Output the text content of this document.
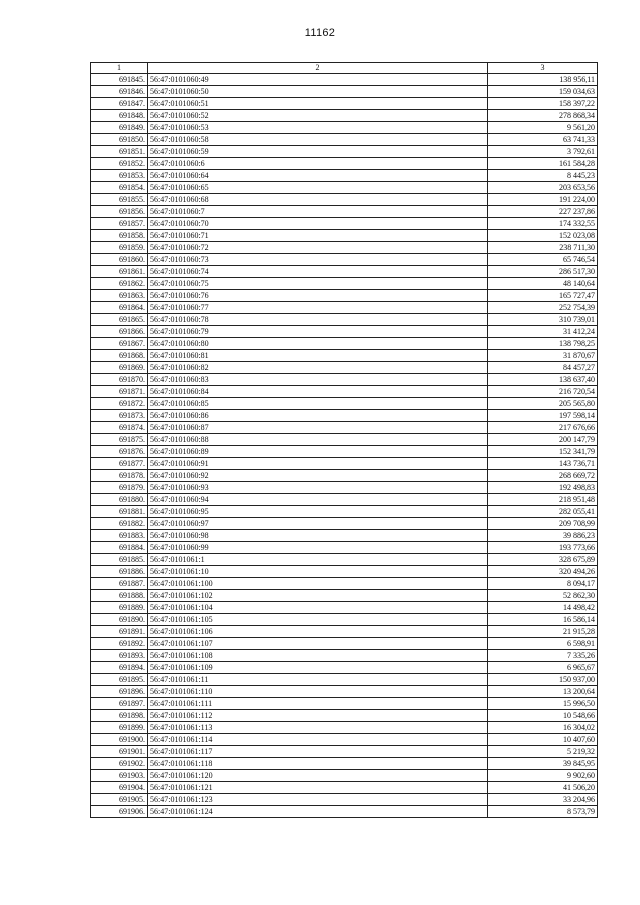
11162
1	2	3
691845.	56:47:0101060:49	138 956,11
691846.	56:47:0101060:50	159 034,63
691847.	56:47:0101060:51	158 397,22
691848.	56:47:0101060:52	278 868,34
691849.	56:47:0101060:53	9 561,20
691850.	56:47:0101060:58	63 741,33
691851.	56:47:0101060:59	3 792,61
691852.	56:47:0101060:6	161 584,28
691853.	56:47:0101060:64	8 445,23
691854.	56:47:0101060:65	203 653,56
691855.	56:47:0101060:68	191 224,00
691856.	56:47:0101060:7	227 237,86
691857.	56:47:0101060:70	174 332,55
691858.	56:47:0101060:71	152 023,08
691859.	56:47:0101060:72	238 711,30
691860.	56:47:0101060:73	65 746,54
691861.	56:47:0101060:74	286 517,30
691862.	56:47:0101060:75	48 140,64
691863.	56:47:0101060:76	165 727,47
691864.	56:47:0101060:77	252 754,39
691865.	56:47:0101060:78	310 739,01
691866.	56:47:0101060:79	31 412,24
691867.	56:47:0101060:80	138 798,25
691868.	56:47:0101060:81	31 870,67
691869.	56:47:0101060:82	84 457,27
691870.	56:47:0101060:83	138 637,40
691871.	56:47:0101060:84	216 720,54
691872.	56:47:0101060:85	205 565,80
691873.	56:47:0101060:86	197 598,14
691874.	56:47:0101060:87	217 676,66
691875.	56:47:0101060:88	200 147,79
691876.	56:47:0101060:89	152 341,79
691877.	56:47:0101060:91	143 736,71
691878.	56:47:0101060:92	268 669,72
691879.	56:47:0101060:93	192 498,83
691880.	56:47:0101060:94	218 951,48
691881.	56:47:0101060:95	282 055,41
691882.	56:47:0101060:97	209 708,99
691883.	56:47:0101060:98	39 886,23
691884.	56:47:0101060:99	193 773,66
691885.	56:47:0101061:1	328 675,89
691886.	56:47:0101061:10	320 494,26
691887.	56:47:0101061:100	8 094,17
691888.	56:47:0101061:102	52 862,30
691889.	56:47:0101061:104	14 498,42
691890.	56:47:0101061:105	16 586,14
691891.	56:47:0101061:106	21 915,28
691892.	56:47:0101061:107	6 598,91
691893.	56:47:0101061:108	7 335,26
691894.	56:47:0101061:109	6 965,67
691895.	56:47:0101061:11	150 937,00
691896.	56:47:0101061:110	13 200,64
691897.	56:47:0101061:111	15 996,50
691898.	56:47:0101061:112	10 548,66
691899.	56:47:0101061:113	16 304,02
691900.	56:47:0101061:114	10 407,60
691901.	56:47:0101061:117	5 219,32
691902.	56:47:0101061:118	39 845,95
691903.	56:47:0101061:120	9 902,60
691904.	56:47:0101061:121	41 506,20
691905.	56:47:0101061:123	33 204,96
691906.	56:47:0101061:124	8 573,79
